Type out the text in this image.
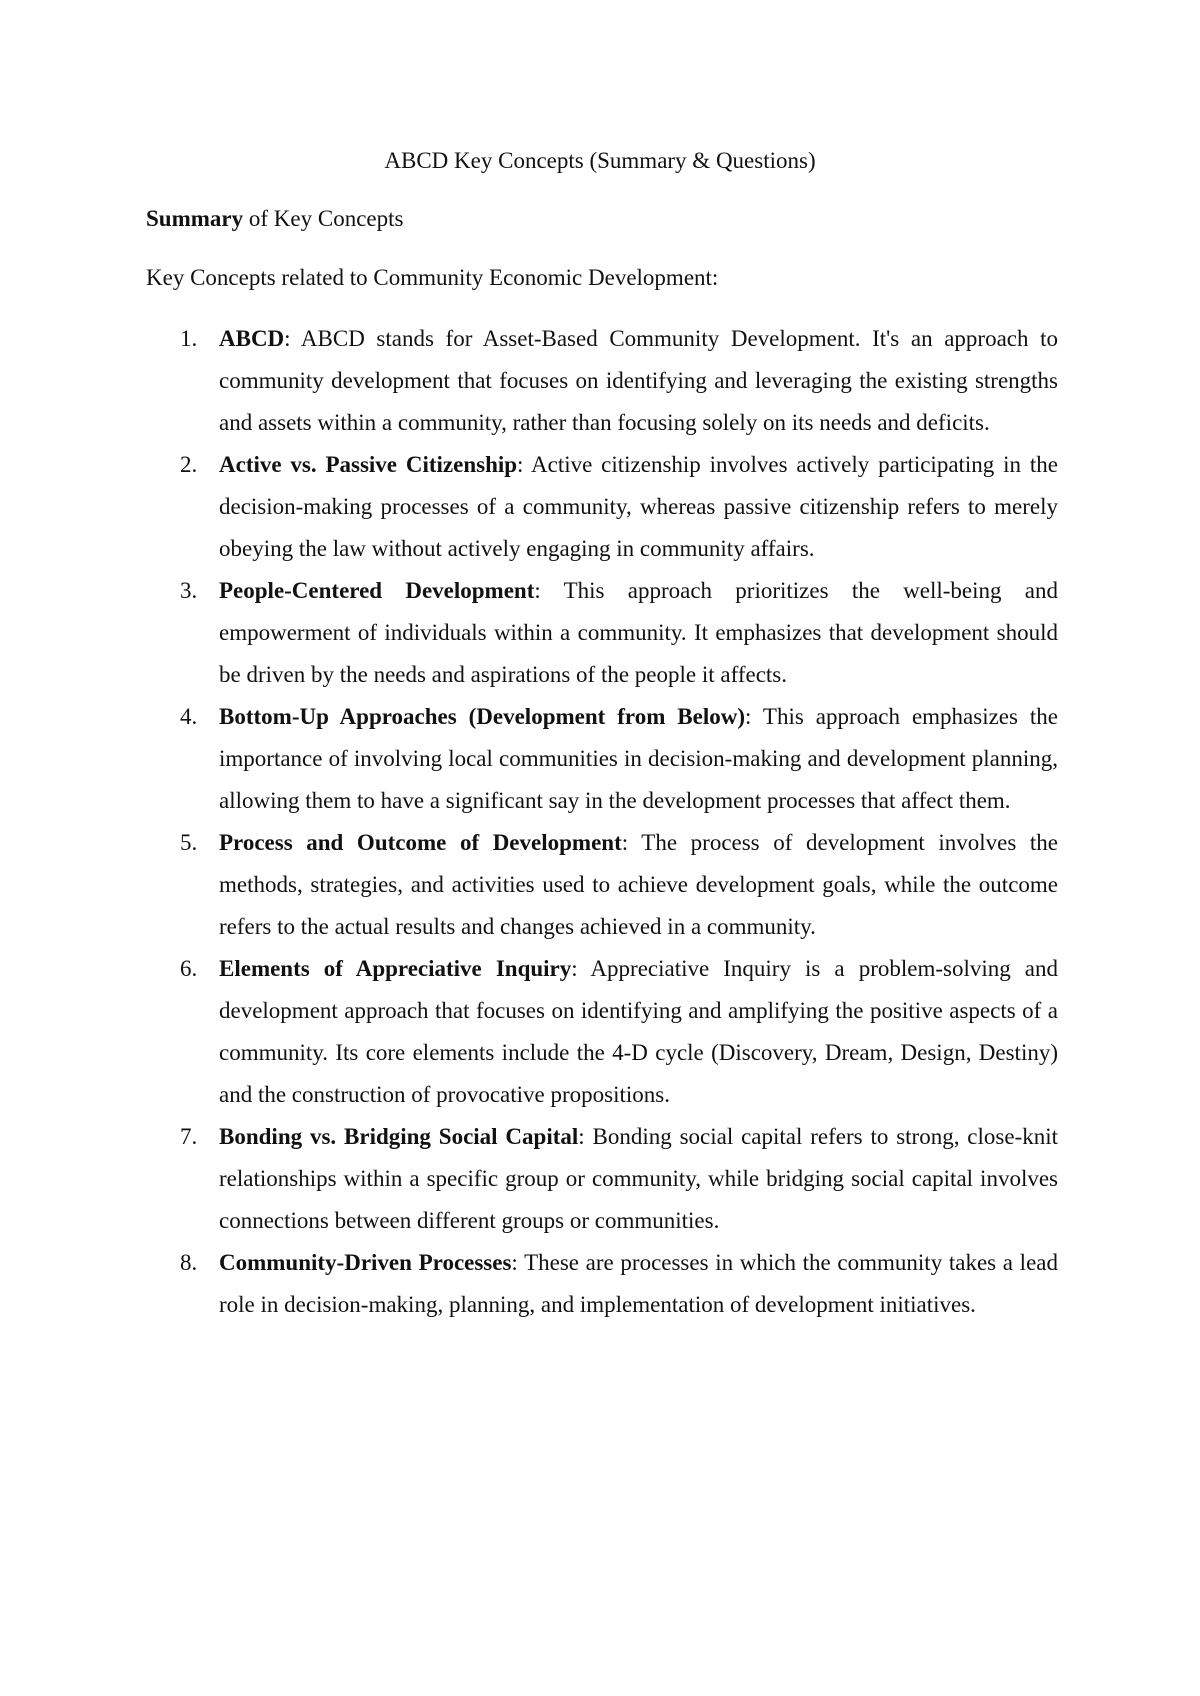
ABCD Key Concepts (Summary & Questions)

Summary of Key Concepts

Key Concepts related to Community Economic Development:

1. ABCD: ABCD stands for Asset-Based Community Development. It's an approach to community development that focuses on identifying and leveraging the existing strengths and assets within a community, rather than focusing solely on its needs and deficits.
2. Active vs. Passive Citizenship: Active citizenship involves actively participating in the decision-making processes of a community, whereas passive citizenship refers to merely obeying the law without actively engaging in community affairs.
3. People-Centered Development: This approach prioritizes the well-being and empowerment of individuals within a community. It emphasizes that development should be driven by the needs and aspirations of the people it affects.
4. Bottom-Up Approaches (Development from Below): This approach emphasizes the importance of involving local communities in decision-making and development planning, allowing them to have a significant say in the development processes that affect them.
5. Process and Outcome of Development: The process of development involves the methods, strategies, and activities used to achieve development goals, while the outcome refers to the actual results and changes achieved in a community.
6. Elements of Appreciative Inquiry: Appreciative Inquiry is a problem-solving and development approach that focuses on identifying and amplifying the positive aspects of a community. Its core elements include the 4-D cycle (Discovery, Dream, Design, Destiny) and the construction of provocative propositions.
7. Bonding vs. Bridging Social Capital: Bonding social capital refers to strong, close-knit relationships within a specific group or community, while bridging social capital involves connections between different groups or communities.
8. Community-Driven Processes: These are processes in which the community takes a lead role in decision-making, planning, and implementation of development initiatives.
